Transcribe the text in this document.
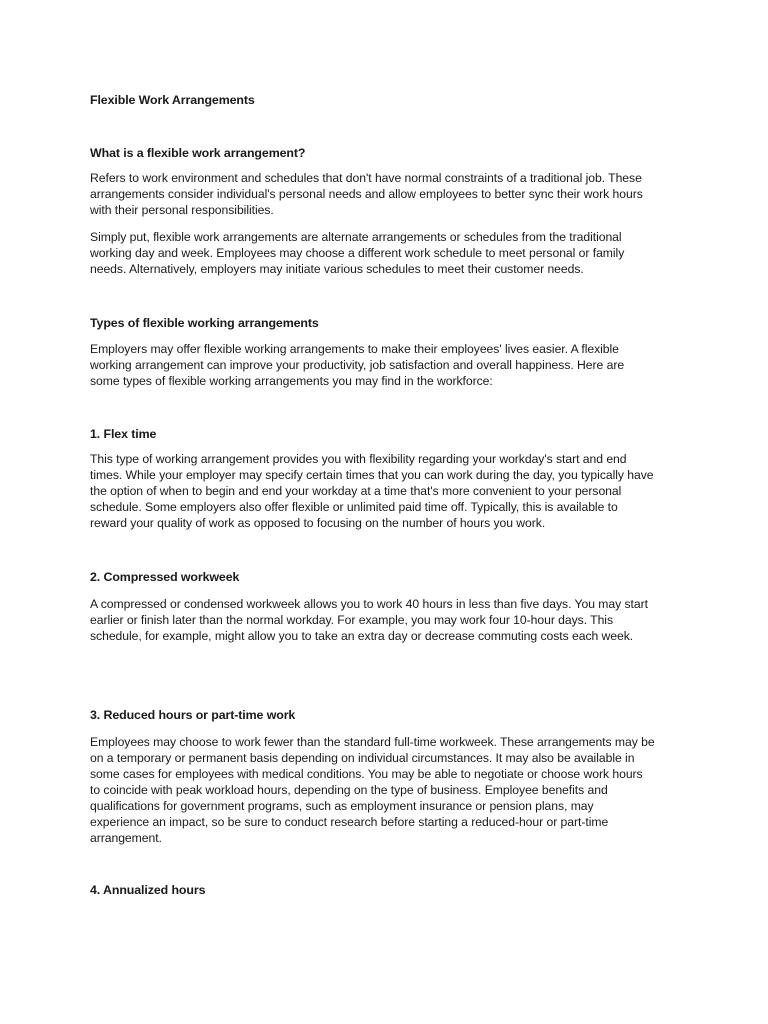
Flexible Work Arrangements
What is a flexible work arrangement?

Refers to work environment and schedules that don't have normal constraints of a traditional job. These
arrangements consider individual's personal needs and allow employees to better sync their work hours
with their personal responsibilities.

Simply put, flexible work arrangements are alternate arrangements or schedules from the traditional
working day and week. Employees may choose a different work schedule to meet personal or family
needs. Alternatively, employers may initiate various schedules to meet their customer needs.

Types of flexible working arrangements

Employers may offer flexible working arrangements to make their employees' lives easier. A flexible
working arrangement can improve your productivity, job satisfaction and overall happiness. Here are
some types of flexible working arrangements you may find in the workforce:

1. Flex time

This type of working arrangement provides you with flexibility regarding your workday's start and end
times. While your employer may specify certain times that you can work during the day, you typically have
the option of when to begin and end your workday at a time that's more convenient to your personal
schedule. Some employers also offer flexible or unlimited paid time off. Typically, this is available to
reward your quality of work as opposed to focusing on the number of hours you work.

2. Compressed workweek

A compressed or condensed workweek allows you to work 40 hours in less than five days. You may start
earlier or finish later than the normal workday. For example, you may work four 10-hour days. This
schedule, for example, might allow you to take an extra day or decrease commuting costs each week.

3. Reduced hours or part-time work

Employees may choose to work fewer than the standard full-time workweek. These arrangements may be
on a temporary or permanent basis depending on individual circumstances. It may also be available in
some cases for employees with medical conditions. You may be able to negotiate or choose work hours
to coincide with peak workload hours, depending on the type of business. Employee benefits and
qualifications for government programs, such as employment insurance or pension plans, may
experience an impact, so be sure to conduct research before starting a reduced-hour or part-time
arrangement.

4. Annualized hours
